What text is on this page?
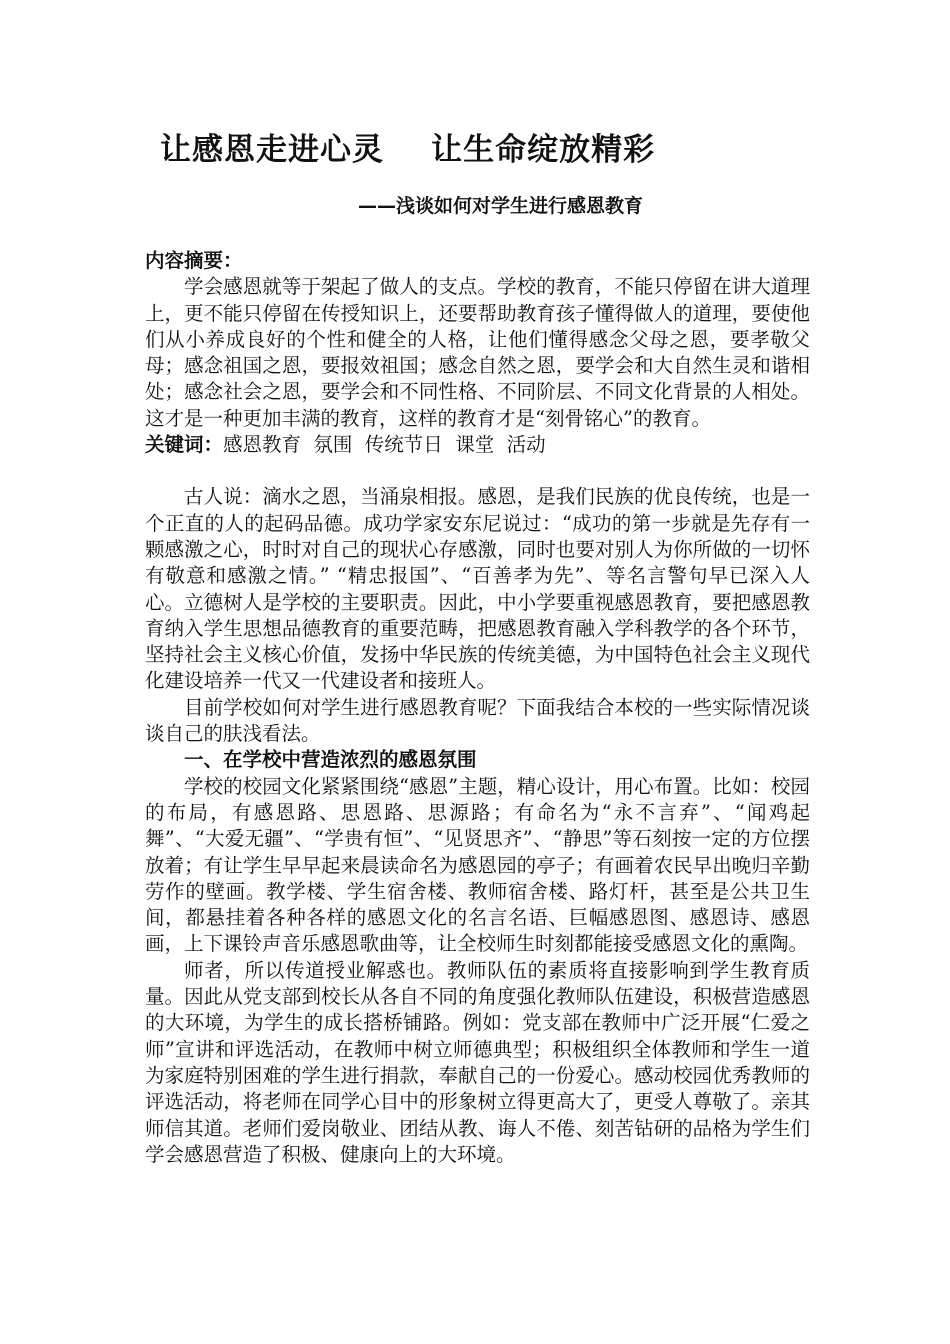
让感恩走进心灵    让生命绽放精彩
——浅谈如何对学生进行感恩教育

内容摘要：

学会感恩就等于架起了做人的支点。学校的教育，不能只停留在讲大道理上，更不能只停留在传授知识上，还要帮助教育孩子懂得做人的道理，要使他们从小养成良好的个性和健全的人格，让他们懂得感念父母之恩，要孝敬父母；感念祖国之恩，要报效祖国；感念自然之恩，要学会和大自然生灵和谐相处；感念社会之恩，要学会和不同性格、不同阶层、不同文化背景的人相处。这才是一种更加丰满的教育，这样的教育才是“刻骨铭心”的教育。

关键词：感恩教育  氛围  传统节日  课堂  活动

古人说：滴水之恩，当涌泉相报。感恩，是我们民族的优良传统，也是一个正直的人的起码品德。成功学家安东尼说过：“成功的第一步就是先存有一颗感激之心，时时对自己的现状心存感激，同时也要对别人为你所做的一切怀有敬意和感激之情。” “精忠报国”、“百善孝为先”、等名言警句早已深入人心。立德树人是学校的主要职责。因此，中小学要重视感恩教育，要把感恩教育纳入学生思想品德教育的重要范畴，把感恩教育融入学科教学的各个环节，坚持社会主义核心价值，发扬中华民族的传统美德，为中国特色社会主义现代化建设培养一代又一代建设者和接班人。

目前学校如何对学生进行感恩教育呢？下面我结合本校的一些实际情况谈谈自己的肤浅看法。

一、在学校中营造浓烈的感恩氛围

学校的校园文化紧紧围绕“感恩”主题，精心设计，用心布置。比如：校园的布局，有感恩路、思恩路、思源路；有命名为“永不言弃”、“闻鸡起舞”、“大爱无疆”、“学贵有恒”、“见贤思齐”、“静思”等石刻按一定的方位摆放着；有让学生早早起来晨读命名为感恩园的亭子；有画着农民早出晚归辛勤劳作的壁画。教学楼、学生宿舍楼、教师宿舍楼、路灯杆，甚至是公共卫生间，都悬挂着各种各样的感恩文化的名言名语、巨幅感恩图、感恩诗、感恩画，上下课铃声音乐感恩歌曲等，让全校师生时刻都能接受感恩文化的熏陶。

师者，所以传道授业解惑也。教师队伍的素质将直接影响到学生教育质量。因此从党支部到校长从各自不同的角度强化教师队伍建设，积极营造感恩的大环境，为学生的成长搭桥铺路。例如：党支部在教师中广泛开展“仁爱之师”宣讲和评选活动，在教师中树立师德典型；积极组织全体教师和学生一道为家庭特别困难的学生进行捐款，奉献自己的一份爱心。感动校园优秀教师的评选活动，将老师在同学心目中的形象树立得更高大了，更受人尊敬了。亲其师信其道。老师们爱岗敬业、团结从教、诲人不倦、刻苦钻研的品格为学生们学会感恩营造了积极、健康向上的大环境。
